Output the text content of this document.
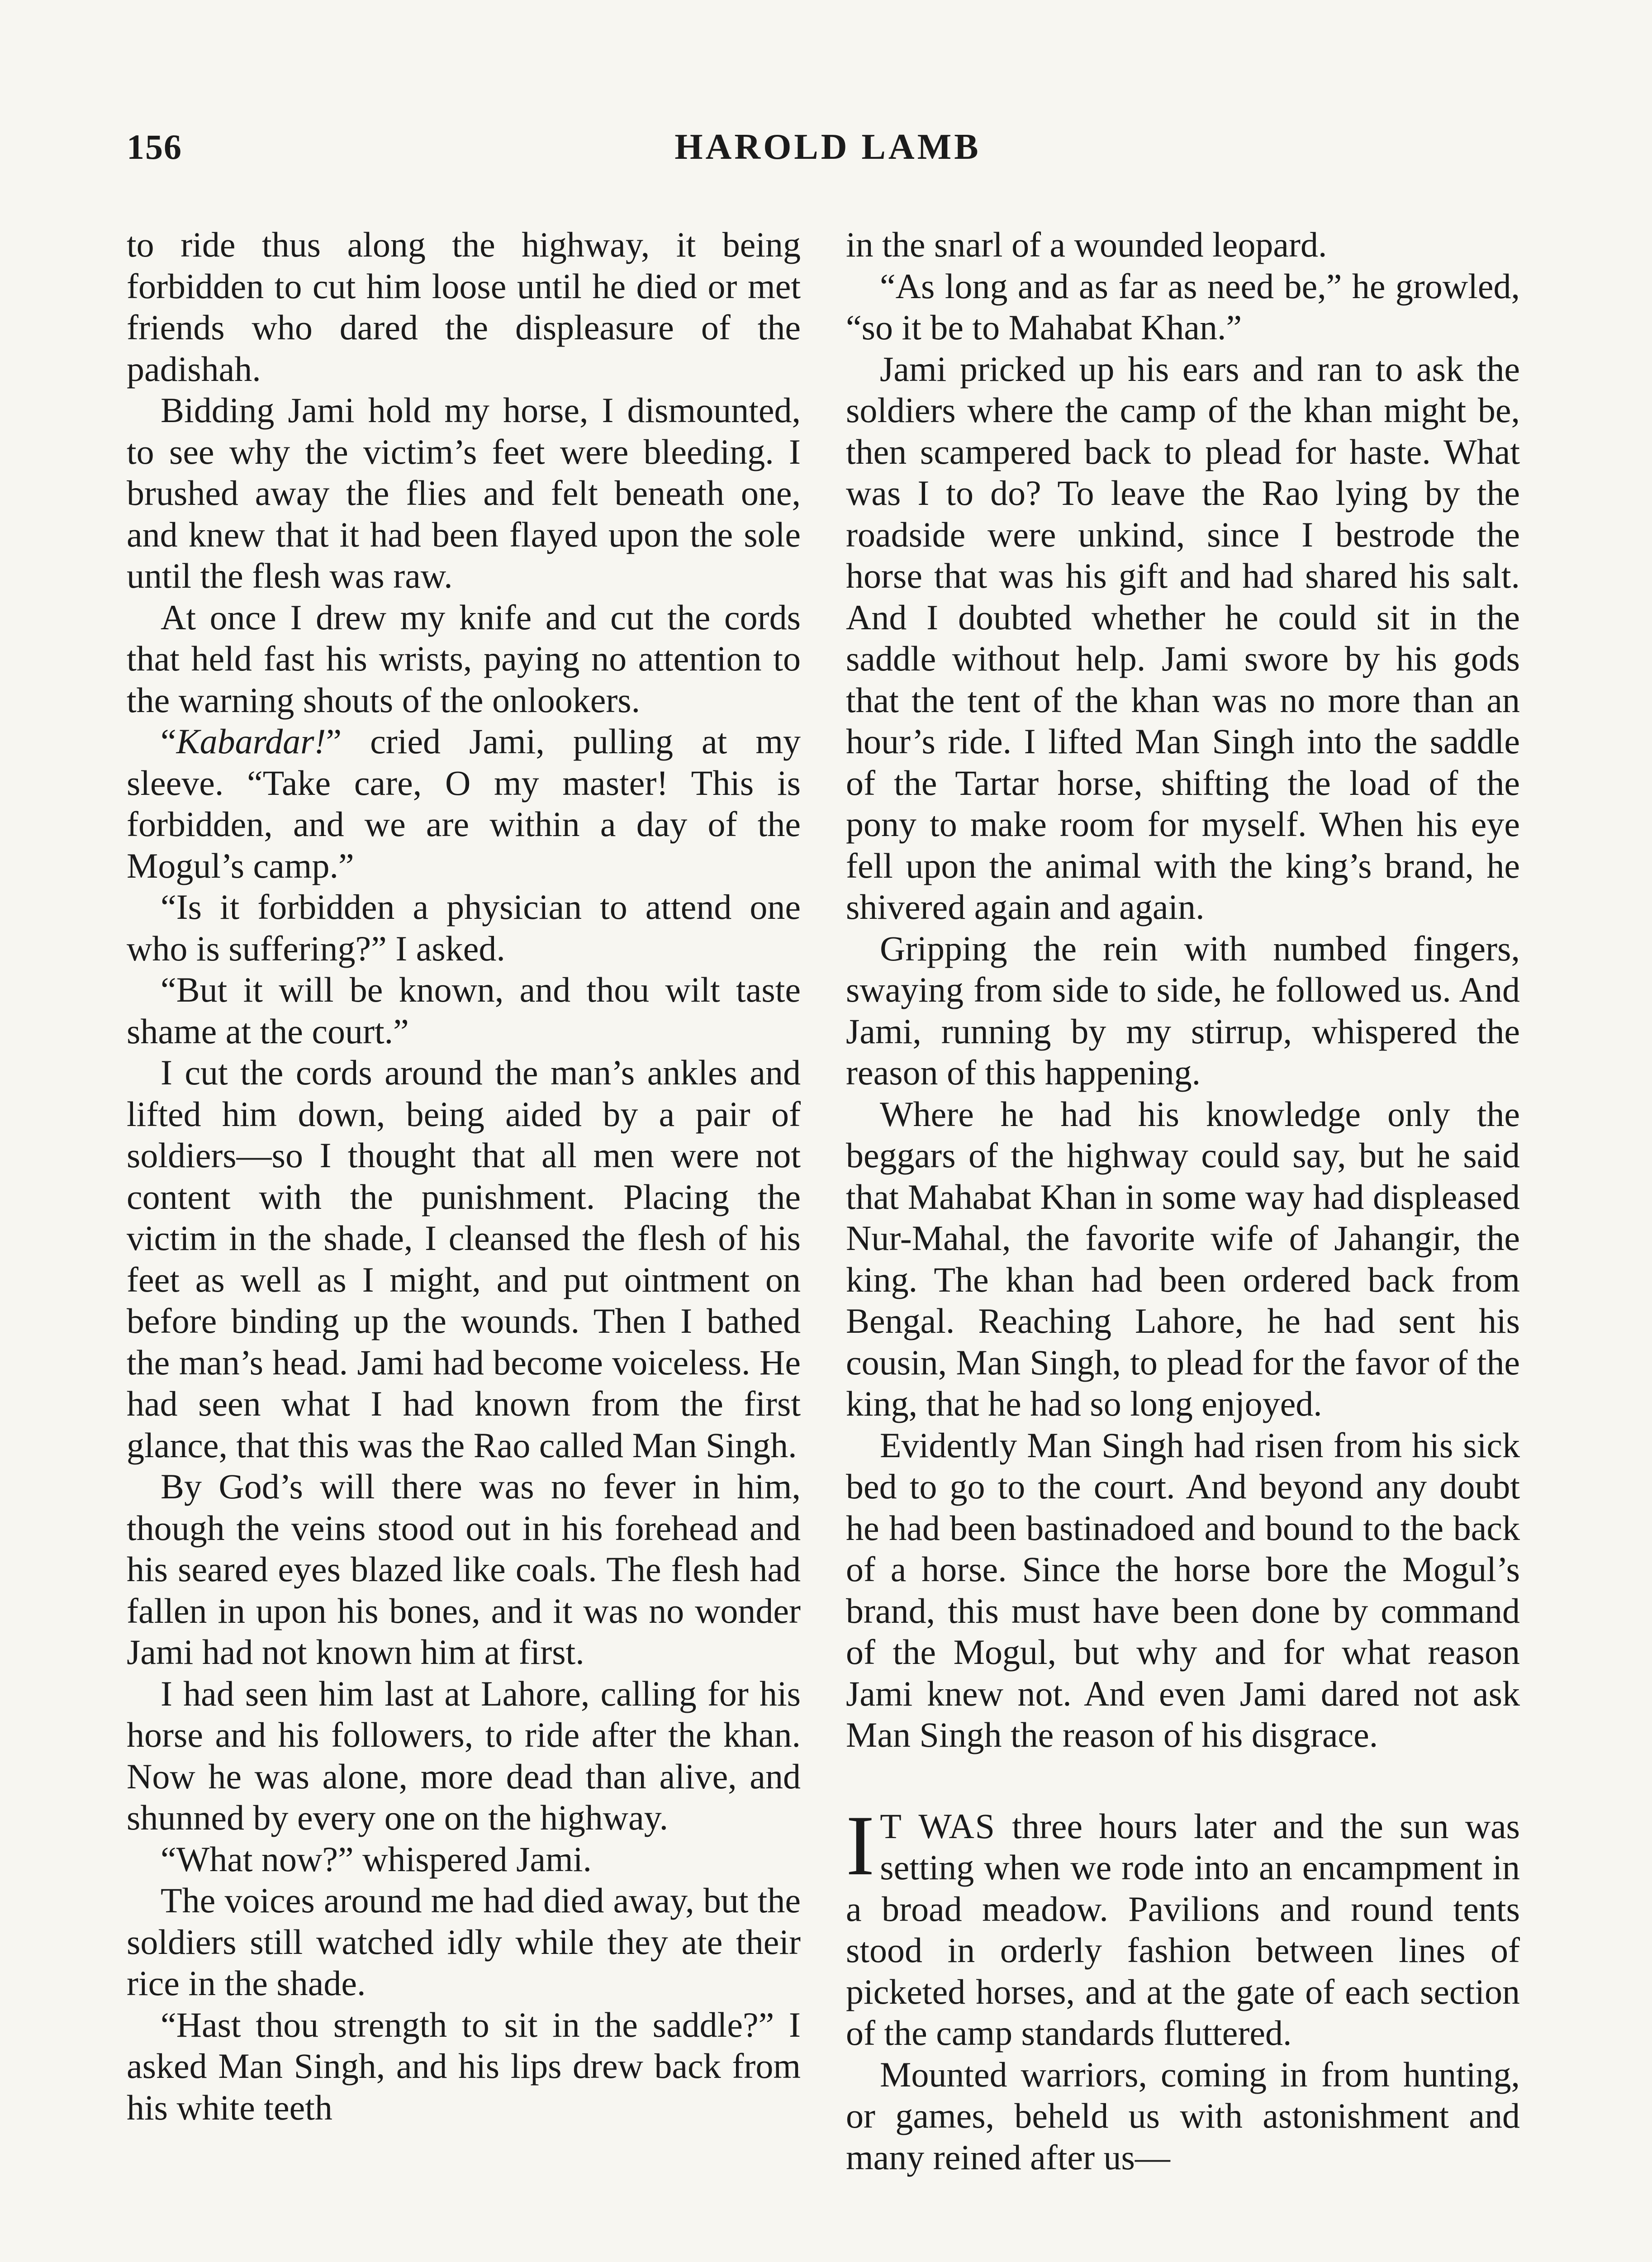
156	HAROLD LAMB

to ride thus along the highway, it being forbidden to cut him loose until he died or met friends who dared the displeasure of the padishah.

Bidding Jami hold my horse, I dismounted, to see why the victim’s feet were bleeding. I brushed away the flies and felt beneath one, and knew that it had been flayed upon the sole until the flesh was raw.

At once I drew my knife and cut the cords that held fast his wrists, paying no attention to the warning shouts of the onlookers.

“Kabardar!” cried Jami, pulling at my sleeve. “Take care, O my master! This is forbidden, and we are within a day of the Mogul’s camp.”

“Is it forbidden a physician to attend one who is suffering?” I asked.

“But it will be known, and thou wilt taste shame at the court.”

I cut the cords around the man’s ankles and lifted him down, being aided by a pair of soldiers—so I thought that all men were not content with the punishment. Placing the victim in the shade, I cleansed the flesh of his feet as well as I might, and put ointment on before binding up the wounds. Then I bathed the man’s head. Jami had become voiceless. He had seen what I had known from the first glance, that this was the Rao called Man Singh.

By God’s will there was no fever in him, though the veins stood out in his forehead and his seared eyes blazed like coals. The flesh had fallen in upon his bones, and it was no wonder Jami had not known him at first.

I had seen him last at Lahore, calling for his horse and his followers, to ride after the khan. Now he was alone, more dead than alive, and shunned by every one on the highway.

“What now?” whispered Jami.

The voices around me had died away, but the soldiers still watched idly while they ate their rice in the shade.

“Hast thou strength to sit in the saddle?” I asked Man Singh, and his lips drew back from his white teeth

in the snarl of a wounded leopard.

“As long and as far as need be,” he growled, “so it be to Mahabat Khan.”

Jami pricked up his ears and ran to ask the soldiers where the camp of the khan might be, then scampered back to plead for haste. What was I to do? To leave the Rao lying by the roadside were unkind, since I bestrode the horse that was his gift and had shared his salt. And I doubted whether he could sit in the saddle without help. Jami swore by his gods that the tent of the khan was no more than an hour’s ride. I lifted Man Singh into the saddle of the Tartar horse, shifting the load of the pony to make room for myself. When his eye fell upon the animal with the king’s brand, he shivered again and again.

Gripping the rein with numbed fingers, swaying from side to side, he followed us. And Jami, running by my stirrup, whispered the reason of this happening.

Where he had his knowledge only the beggars of the highway could say, but he said that Mahabat Khan in some way had displeased Nur-Mahal, the favorite wife of Jahangir, the king. The khan had been ordered back from Bengal. Reaching Lahore, he had sent his cousin, Man Singh, to plead for the favor of the king, that he had so long enjoyed.

Evidently Man Singh had risen from his sick bed to go to the court. And beyond any doubt he had been bastinadoed and bound to the back of a horse. Since the horse bore the Mogul’s brand, this must have been done by command of the Mogul, but why and for what reason Jami knew not. And even Jami dared not ask Man Singh the reason of his disgrace.

I T WAS three hours later and the sun was setting when we rode into an encampment in a broad meadow. Pavilions and round tents stood in orderly fashion between lines of picketed horses, and at the gate of each section of the camp standards fluttered.

Mounted warriors, coming in from hunting, or games, beheld us with astonishment and many reined after us—
